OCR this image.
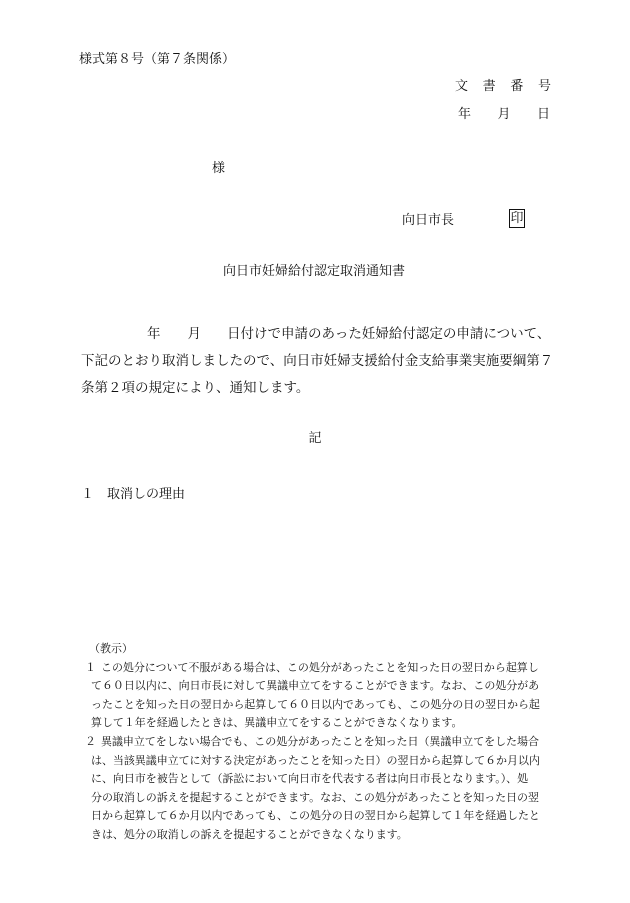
様式第８号（第７条関係）
文 書 番 号
年 月 日
様
向日市長	印
向日市妊婦給付認定取消通知書
年 月 日付けで申請のあった妊婦給付認定の申請について、
下記のとおり取消しましたので、向日市妊婦支援給付金支給事業実施要綱第７
条第２項の規定により、通知します。
記
１ 取消しの理由
（教示）
１ この処分について不服がある場合は、この処分があったことを知った日の翌日から起算し
て６０日以内に、向日市長に対して異議申立てをすることができます。なお、この処分があ
ったことを知った日の翌日から起算して６０日以内であっても、この処分の日の翌日から起
算して１年を経過したときは、異議申立てをすることができなくなります。
２ 異議申立てをしない場合でも、この処分があったことを知った日（異議申立てをした場合
は、当該異議申立てに対する決定があったことを知った日）の翌日から起算して６か月以内
に、向日市を被告として（訴訟において向日市を代表する者は向日市長となります。）、処
分の取消しの訴えを提起することができます。なお、この処分があったことを知った日の翌
日から起算して６か月以内であっても、この処分の日の翌日から起算して１年を経過したと
きは、処分の取消しの訴えを提起することができなくなります。
